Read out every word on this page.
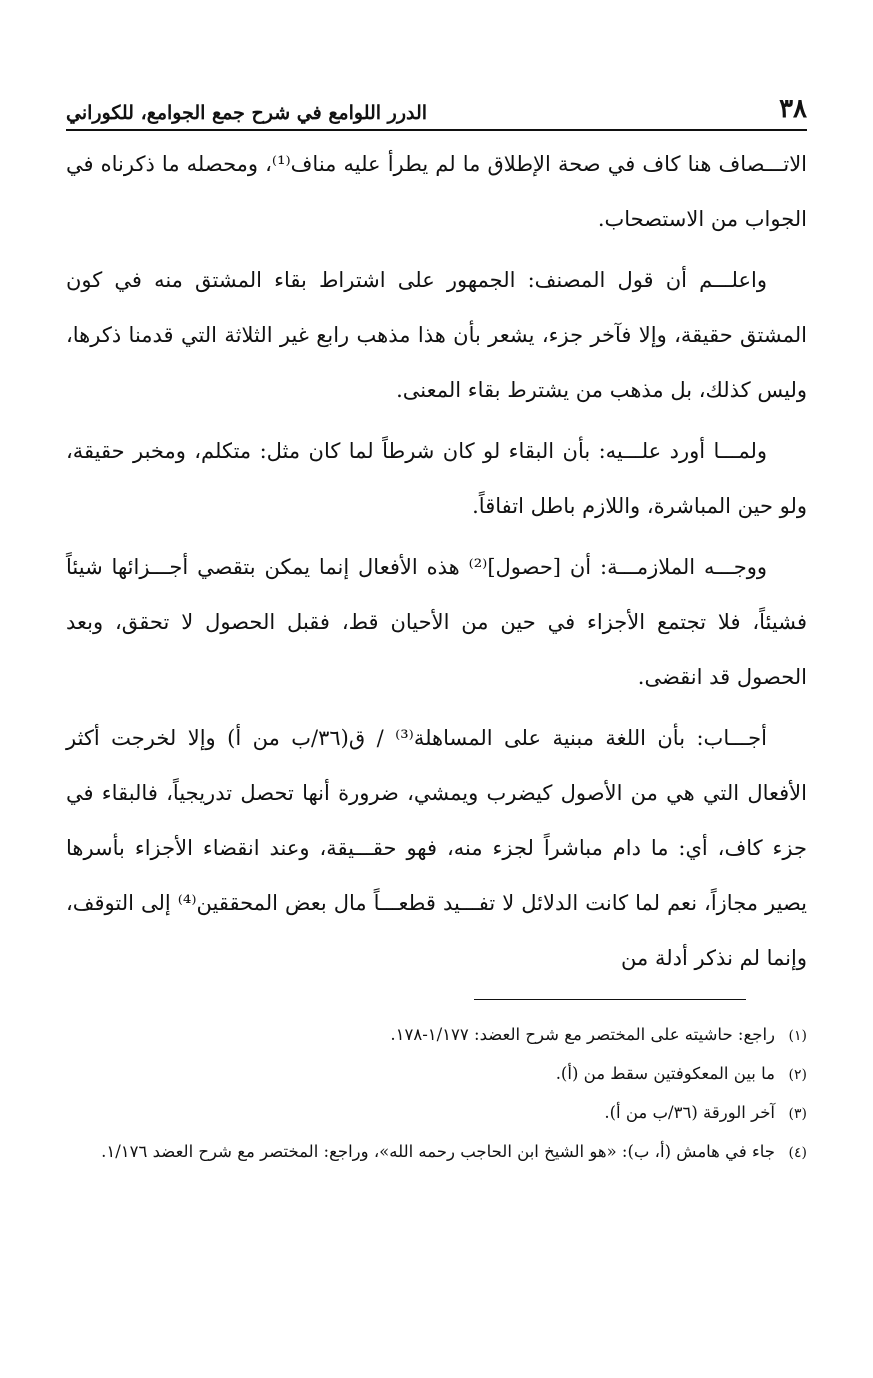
٣٨
الدرر اللوامع في شرح جمع الجوامع، للكوراني

الاتـــصاف هنا كاف في صحة الإطلاق ما لم يطرأ عليه مناف⁽¹⁾، ومحصله ما ذكرناه في الجواب من الاستصحاب.

واعلـــم أن قول المصنف: الجمهور على اشتراط بقاء المشتق منه في كون المشتق حقيقة، وإلا فآخر جزء، يشعر بأن هذا مذهب رابع غير الثلاثة التي قدمنا ذكرها، وليس كذلك، بل مذهب من يشترط بقاء المعنى.

ولمـــا أورد علـــيه: بأن البقاء لو كان شرطاً لما كان مثل: متكلم، ومخبر حقيقة، ولو حين المباشرة، واللازم باطل اتفاقاً.

ووجـــه الملازمـــة: أن [حصول]⁽²⁾ هذه الأفعال إنما يمكن بتقصي أجـــزائها شيئاً فشيئاً، فلا تجتمع الأجزاء في حين من الأحيان قط، فقبل الحصول لا تحقق، وبعد الحصول قد انقضى.

أجـــاب: بأن اللغة مبنية على المساهلة⁽³⁾ / ق(٣٦/ب من أ) وإلا لخرجت أكثر الأفعال التي هي من الأصول كيضرب ويمشي، ضرورة أنها تحصل تدريجياً، فالبقاء في جزء كاف، أي: ما دام مباشراً لجزء منه، فهو حقـــيقة، وعند انقضاء الأجزاء بأسرها يصير مجازاً، نعم لما كانت الدلائل لا تفـــيد قطعـــاً مال بعض المحققين⁽⁴⁾ إلى التوقف، وإنما لم نذكر أدلة من

(١)راجع: حاشيته على المختصر مع شرح العضد: ١/١٧٧-١٧٨.

(٢)ما بين المعكوفتين سقط من (أ).

(٣)آخر الورقة (٣٦/ب من أ).

(٤)جاء في هامش (أ، ب): «هو الشيخ ابن الحاجب رحمه الله»، وراجع: المختصر مع شرح العضد ١/١٧٦.
